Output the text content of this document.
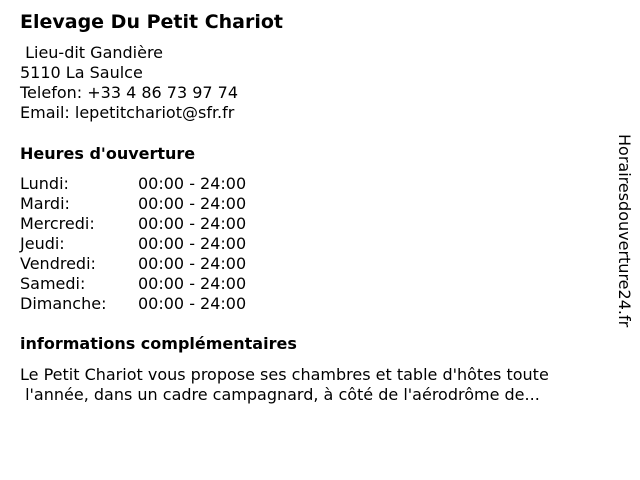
Elevage Du Petit Chariot
Lieu-dit Gandière
5110 La Saulce
Telefon: +33 4 86 73 97 74
Email: lepetitchariot@sfr.fr
Heures d'ouverture
Lundi:	00:00 - 24:00
Mardi:	00:00 - 24:00
Mercredi:	00:00 - 24:00
Jeudi:	00:00 - 24:00
Vendredi:	00:00 - 24:00
Samedi:	00:00 - 24:00
Dimanche:	00:00 - 24:00
informations complémentaires
Le Petit Chariot vous propose ses chambres et table d'hôtes toute
l'année, dans un cadre campagnard, à côté de l'aérodrôme de...
Horairesdouverture24.fr
